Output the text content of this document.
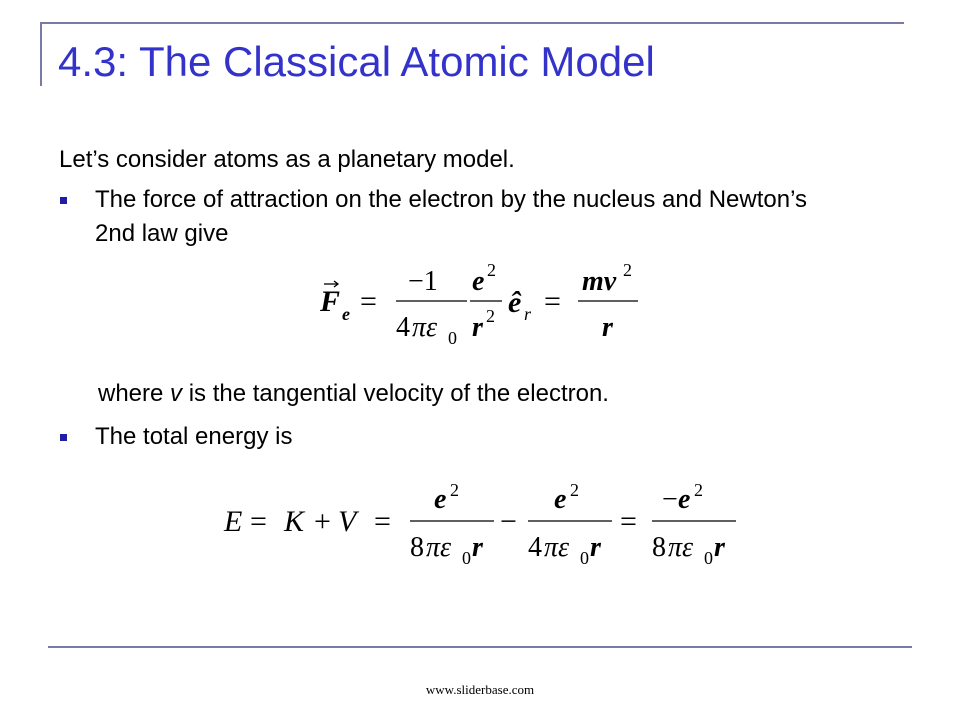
4.3: The Classical Atomic Model
Let’s consider atoms as a planetary model.
The force of attraction on the electron by the nucleus and Newton’s
2nd law give
F e =
−1
4 πε 0
e 2
r 2 ê r =
mv 2
r
where v is the tangential velocity of the electron.
The total energy is
E = K + V =
e 2
8 πε 0 r
−
e 2
4 πε 0 r
=
− e 2
8 πε 0 r
www.sliderbase.com
